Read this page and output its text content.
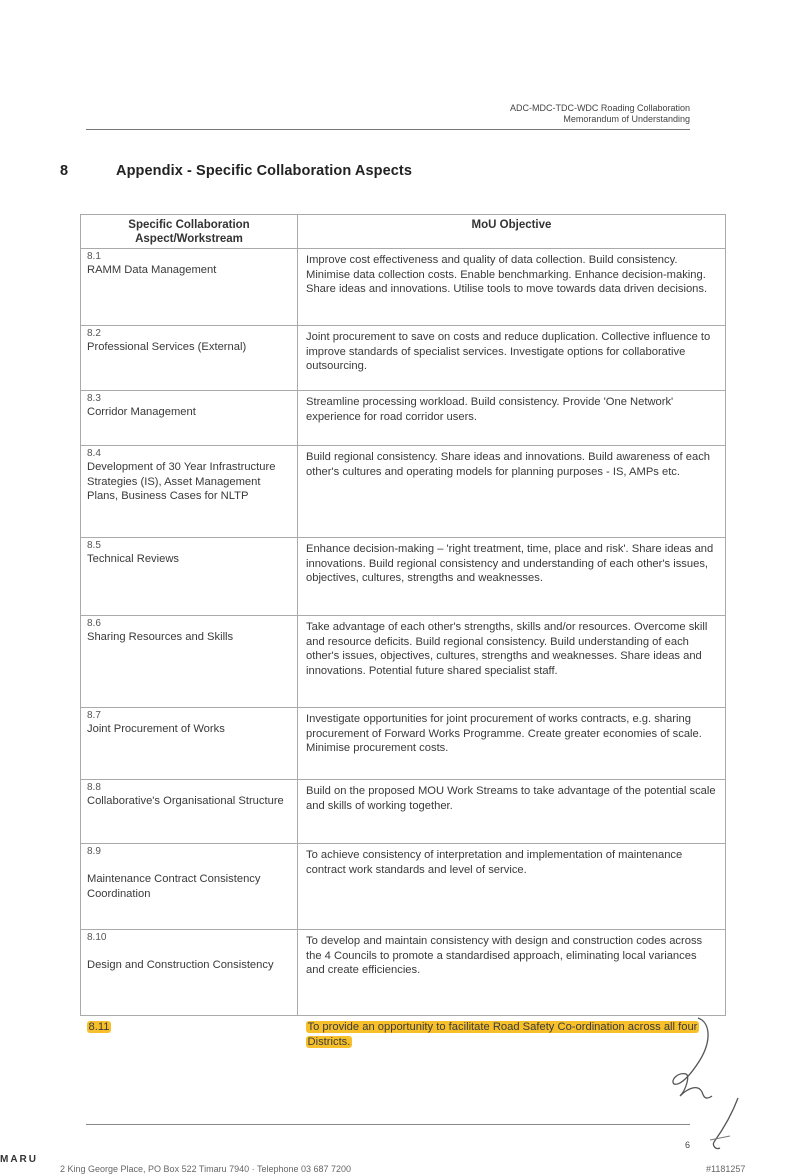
ADC-MDC-TDC-WDC Roading Collaboration
Memorandum of Understanding
8	Appendix - Specific Collaboration Aspects
Specific Collaboration Aspect/Workstream	MoU Objective

8.1
RAMM Data Management	Improve cost effectiveness and quality of data collection. Build consistency. Minimise data collection costs. Enable benchmarking. Enhance decision-making. Share ideas and innovations. Utilise tools to move towards data driven decisions.

8.2
Professional Services (External)	Joint procurement to save on costs and reduce duplication. Collective influence to improve standards of specialist services. Investigate options for collaborative outsourcing.

8.3
Corridor Management	Streamline processing workload. Build consistency. Provide 'One Network' experience for road corridor users.

8.4
Development of 30 Year Infrastructure Strategies (IS), Asset Management Plans, Business Cases for NLTP	Build regional consistency. Share ideas and innovations. Build awareness of each other's cultures and operating models for planning purposes - IS, AMPs etc.

8.5
Technical Reviews	Enhance decision-making – 'right treatment, time, place and risk'. Share ideas and innovations. Build regional consistency and understanding of each other's issues, objectives, cultures, strengths and weaknesses.

8.6
Sharing Resources and Skills	Take advantage of each other's strengths, skills and/or resources. Overcome skill and resource deficits. Build regional consistency. Build understanding of each other's issues, objectives, cultures, strengths and weaknesses. Share ideas and innovations. Potential future shared specialist staff.

8.7
Joint Procurement of Works	Investigate opportunities for joint procurement of works contracts, e.g. sharing procurement of Forward Works Programme. Create greater economies of scale. Minimise procurement costs.

8.8
Collaborative's Organisational Structure	Build on the proposed MOU Work Streams to take advantage of the potential scale and skills of working together.

8.9
Maintenance Contract Consistency Coordination	To achieve consistency of interpretation and implementation of maintenance contract work standards and level of service.

8.10
Design and Construction Consistency	To develop and maintain consistency with design and construction codes across the 4 Councils to promote a standardised approach, eliminating local variances and create efficiencies.
8.11	To provide an opportunity to facilitate Road Safety Co-ordination across all four Districts.
6
MARU
2 King George Place, PO Box 522 Timaru 7940 · Telephone 03 687 7200	#1181257
